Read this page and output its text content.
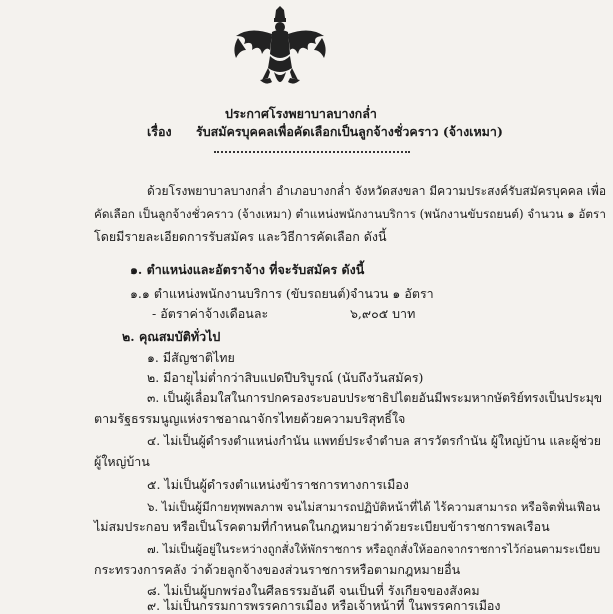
ประกาศโรงพยาบาลบางกล่ำ
เรื่อง รับสมัครบุคคลเพื่อคัดเลือกเป็นลูกจ้างชั่วคราว (จ้างเหมา)
ด้วยโรงพยาบาลบางกล่ำ อำเภอบางกล่ำ จังหวัดสงขลา มีความประสงค์รับสมัครบุคคล เพื่อ
คัดเลือก เป็นลูกจ้างชั่วคราว (จ้างเหมา) ตำแหน่งพนักงานบริการ (พนักงานขับรถยนต์) จำนวน ๑ อัตรา
โดยมีรายละเอียดการรับสมัคร และวิธีการคัดเลือก ดังนี้
๑. ตำแหน่งและอัตราจ้าง ที่จะรับสมัคร ดังนี้
๑.๑ ตำแหน่งพนักงานบริการ (ขับรถยนต์) จำนวน ๑ อัตรา
- อัตราค่าจ้างเดือนละ	๖,๙๐๕ บาท
๒. คุณสมบัติทั่วไป
๑. มีสัญชาติไทย
๒. มีอายุไม่ต่ำกว่าสิบแปดปีบริบูรณ์ (นับถึงวันสมัคร)
๓. เป็นผู้เลื่อมใสในการปกครองระบอบประชาธิปไตยอันมีพระมหากษัตริย์ทรงเป็นประมุข
ตามรัฐธรรมนูญแห่งราชอาณาจักรไทยด้วยความบริสุทธิ์ใจ
๔. ไม่เป็นผู้ดำรงตำแหน่งกำนัน แพทย์ประจำตำบล สารวัตรกำนัน ผู้ใหญ่บ้าน และผู้ช่วย
ผู้ใหญ่บ้าน
๕. ไม่เป็นผู้ดำรงตำแหน่งข้าราชการทางการเมือง
๖. ไม่เป็นผู้มีกายทุพพลภาพ จนไม่สามารถปฏิบัติหน้าที่ได้ ไร้ความสามารถ หรือจิตฟั่นเฟือน
ไม่สมประกอบ หรือเป็นโรคตามที่กำหนดในกฎหมายว่าด้วยระเบียบข้าราชการพลเรือน
๗. ไม่เป็นผู้อยู่ในระหว่างถูกสั่งให้พักราชการ หรือถูกสั่งให้ออกจากราชการไว้ก่อนตามระเบียบ
กระทรวงการคลัง ว่าด้วยลูกจ้างของส่วนราชการหรือตามกฎหมายอื่น
๘. ไม่เป็นผู้บกพร่องในศีลธรรมอันดี จนเป็นที่ รังเกียจของสังคม
๙. ไม่เป็นกรรมการพรรคการเมือง หรือเจ้าหน้าที่ ในพรรคการเมือง
